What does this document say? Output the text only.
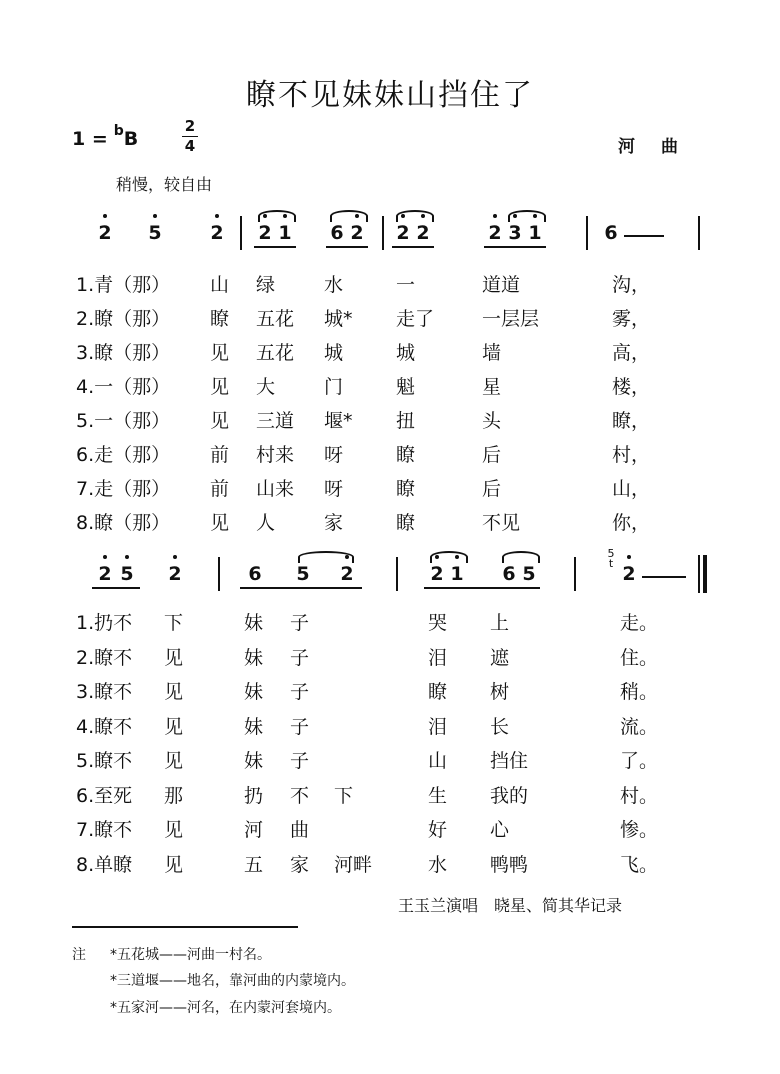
瞭不见妹妹山挡住了
1 = $^b$B
2
4	河曲
稍慢，较自由
2 5	2 2 1 6 2 2 2	2 3 1	6
1.青（那） 山 绿	水	一	道道	沟，
2.瞭（那） 瞭 五花 城* 走了	一层层	雾，
3.瞭（那） 见 五花 城	城	墙	高，
4.一（那） 见 大	门	魁	星	楼，
5.一（那） 见 三道 堰* 扭	头	瞭，
6.走（那） 前 村来 呀	瞭	后	村，
7.走（那） 前 山来 呀	瞭	后	山，
8.瞭（那） 见 人	家	瞭	不见	你，
2 5 2	6 5 2	2 1 6 5	2
5
t
1.扔不 下	妹 子	哭 上	走。
2.瞭不 见	妹 子	泪 遮	住。
3.瞭不 见	妹 子	瞭 树	稍。
4.瞭不 见	妹 子	泪 长	流。
5.瞭不 见	妹 子	山 挡住	了。
6.至死 那	扔 不 下	生 我的	村。
7.瞭不 见	河 曲	好 心	惨。
8.单瞭 见	五 家 河畔	水 鸭鸭	飞。
王玉兰演唱　晓星、简其华记录
注 *五花城——河曲一村名。
*三道堰——地名，靠河曲的内蒙境内。
*五家河——河名，在内蒙河套境内。
